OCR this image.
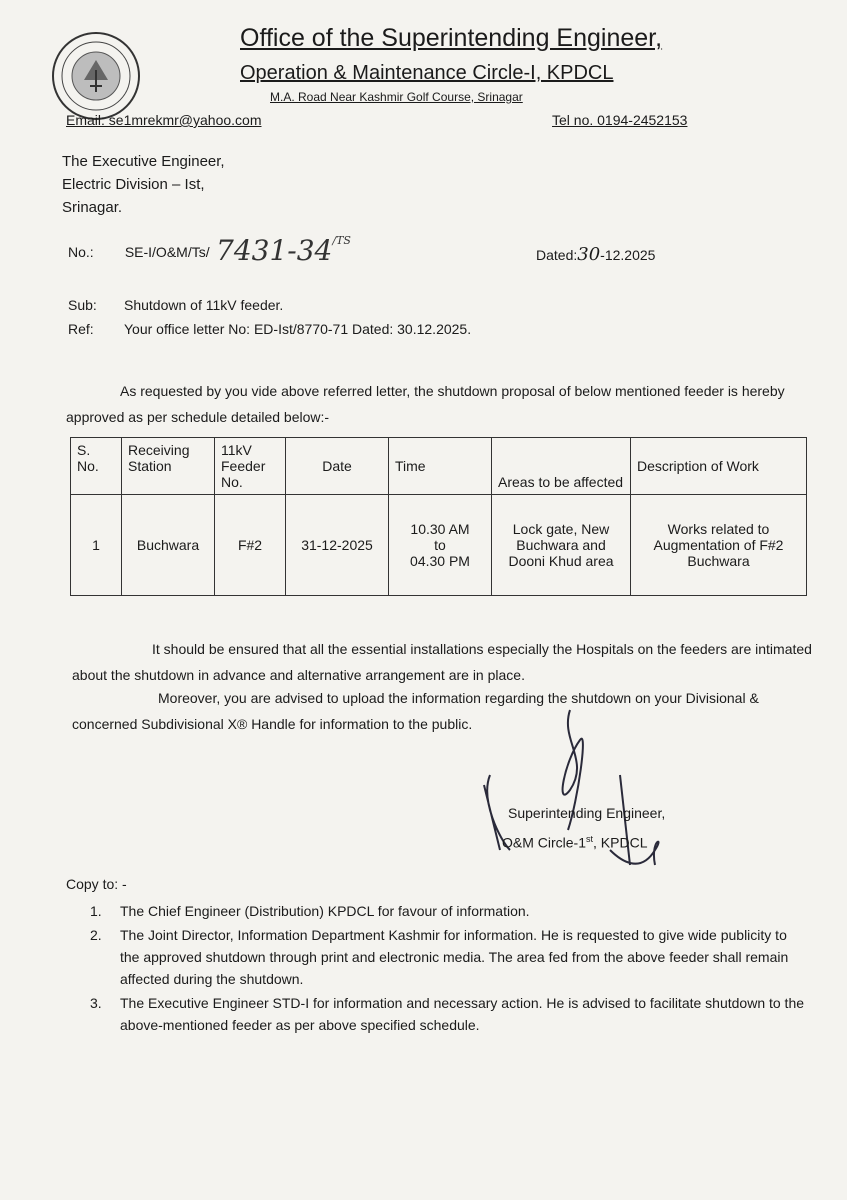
Office of the Superintending Engineer,
Operation & Maintenance Circle-I, KPDCL
M.A. Road Near Kashmir Golf Course, Srinagar
Email: se1mrekmr@yahoo.com	Tel no. 0194-2452153
The Executive Engineer,
Electric Division – Ist,
Srinagar.
No.: SE-I/O&M/Ts/ $7431-34^{/TS}$
Dated:30-12.2025
Sub:	Shutdown of 11kV feeder.
Ref:	Your office letter No: ED-Ist/8770-71 Dated: 30.12.2025.
As requested by you vide above referred letter, the shutdown proposal of below mentioned feeder is hereby approved as per schedule detailed below:-
S. No.	Receiving Station	11kV Feeder No.	Date	Time	Areas to be affected	Description of Work
1	Buchwara	F#2	31-12-2025	10.30 AM
to
04.30 PM	Lock gate, New Buchwara and Dooni Khud area	Works related to Augmentation of F#2 Buchwara
It should be ensured that all the essential installations especially the Hospitals on the feeders are intimated about the shutdown in advance and alternative arrangement are in place.
Moreover, you are advised to upload the information regarding the shutdown on your Divisional & concerned Subdivisional X® Handle for information to the public.
Superintending Engineer,
O&M Circle-1st, KPDCL
Copy to: -
1. The Chief Engineer (Distribution) KPDCL for favour of information.
2. The Joint Director, Information Department Kashmir for information. He is requested to give wide publicity to the approved shutdown through print and electronic media. The area fed from the above feeder shall remain affected during the shutdown.
3. The Executive Engineer STD-I for information and necessary action. He is advised to facilitate shutdown to the above-mentioned feeder as per above specified schedule.
